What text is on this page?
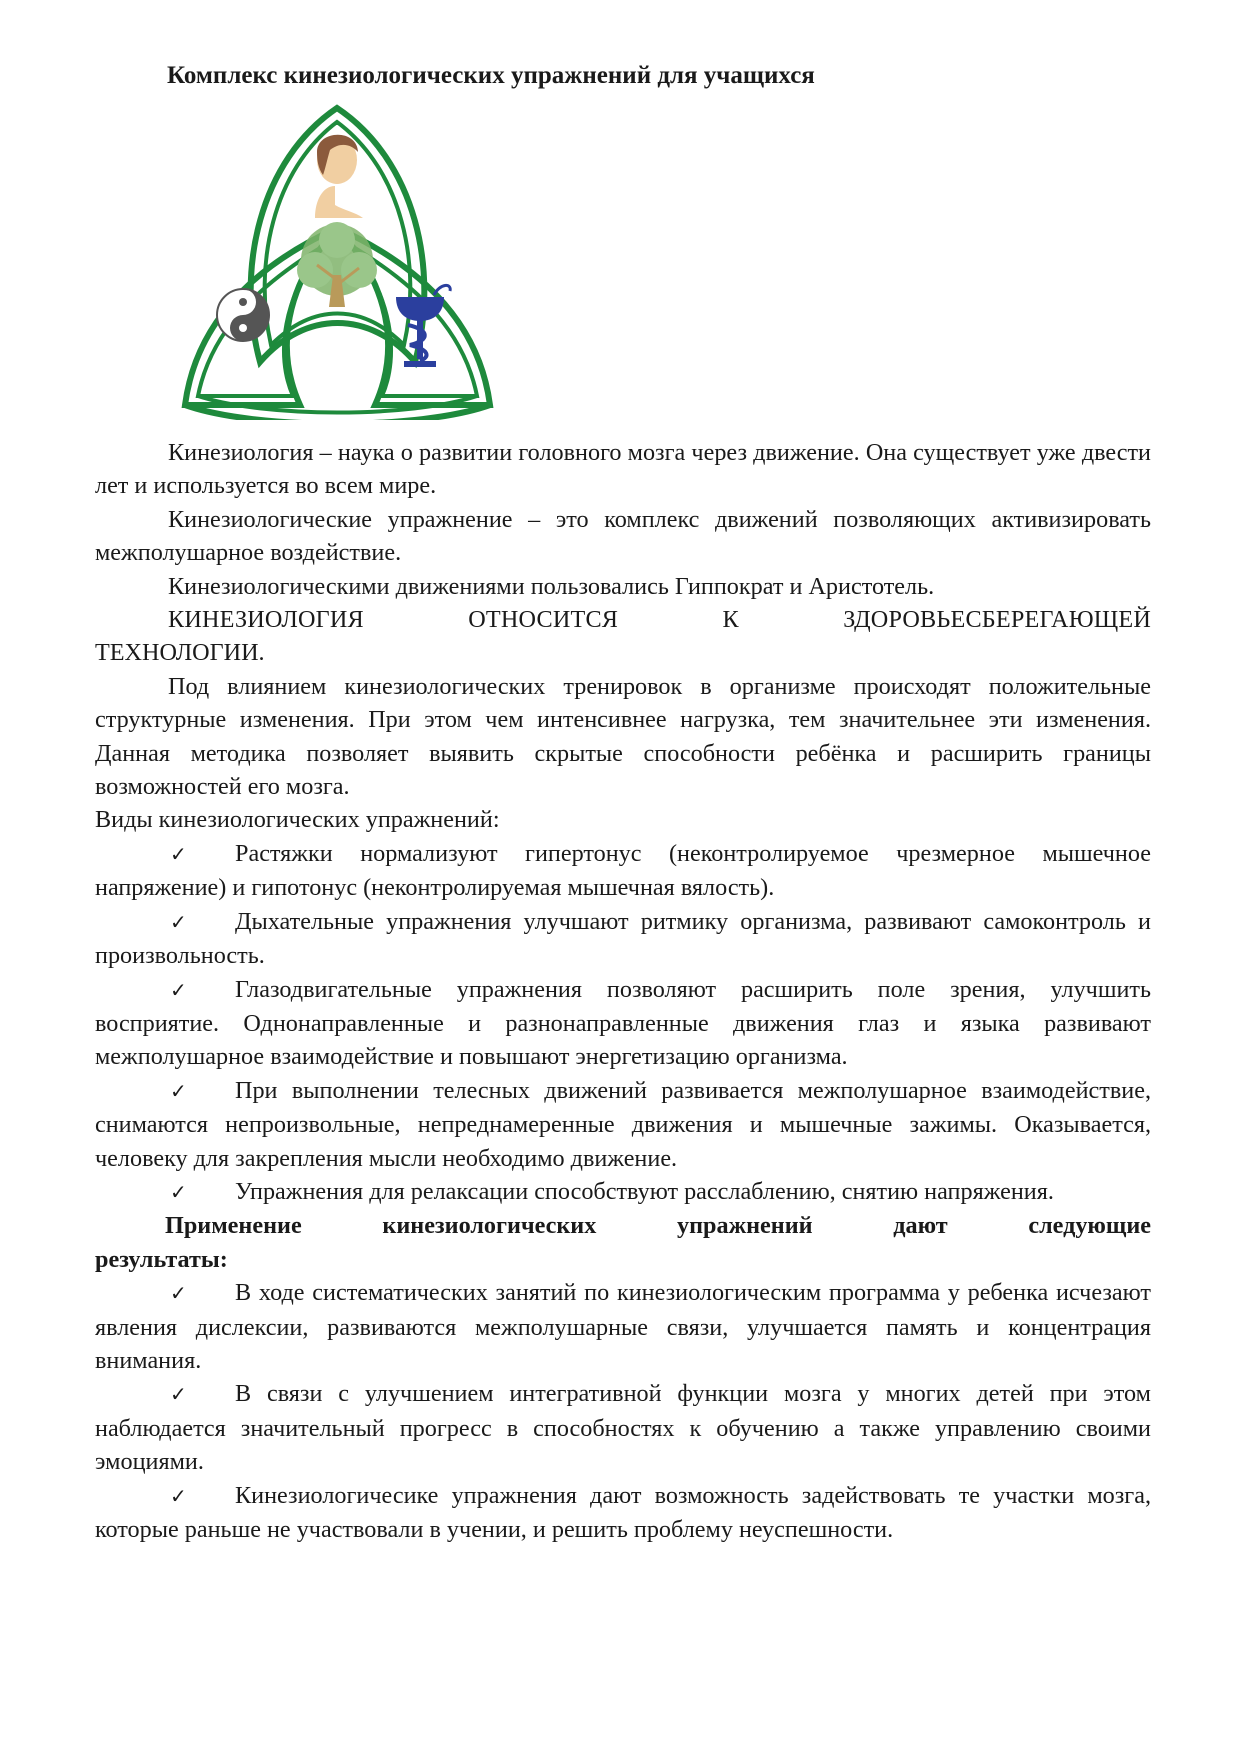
Комплекс кинезиологических упражнений для учащихся

Кинезиология – наука о развитии головного мозга через движение. Она существует уже двести лет и используется во всем мире.

Кинезиологические упражнение – это комплекс движений позволяющих активизировать межполушарное воздействие.

Кинезиологическими движениями пользовались Гиппократ и Аристотель.

КИНЕЗИОЛОГИЯ ОТНОСИТСЯ К ЗДОРОВЬЕСБЕРЕГАЮЩЕЙ

ТЕХНОЛОГИИ.

Под влиянием кинезиологических тренировок в организме происходят положительные структурные изменения. При этом чем интенсивнее нагрузка, тем значительнее эти изменения. Данная методика позволяет выявить скрытые способности ребёнка и расширить границы возможностей его мозга.

Виды кинезиологических упражнений:

✓ Растяжки нормализуют гипертонус (неконтролируемое чрезмерное мышечное напряжение) и гипотонус (неконтролируемая мышечная вялость).

✓ Дыхательные упражнения улучшают ритмику организма, развивают самоконтроль и произвольность.

✓ Глазодвигательные упражнения позволяют расширить поле зрения, улучшить восприятие. Однонаправленные и разнонаправленные движения глаз и языка развивают межполушарное взаимодействие и повышают энергетизацию организма.

✓ При выполнении телесных движений развивается межполушарное взаимодействие, снимаются непроизвольные, непреднамеренные движения и мышечные зажимы. Оказывается, человеку для закрепления мысли необходимо движение.

✓ Упражнения для релаксации способствуют расслаблению, снятию напряжения.

Применение кинезиологических упражнений дают следующие

результаты:

✓ В ходе систематических занятий по кинезиологическим программа у ребенка исчезают явления дислексии, развиваются межполушарные связи, улучшается память и концентрация внимания.

✓ В связи с улучшением интегративной функции мозга у многих детей при этом наблюдается значительный прогресс в способностях к обучению а также управлению своими эмоциями.

✓ Кинезиологичесике упражнения дают возможность задействовать те участки мозга, которые раньше не участвовали в учении, и решить проблему неуспешности.
